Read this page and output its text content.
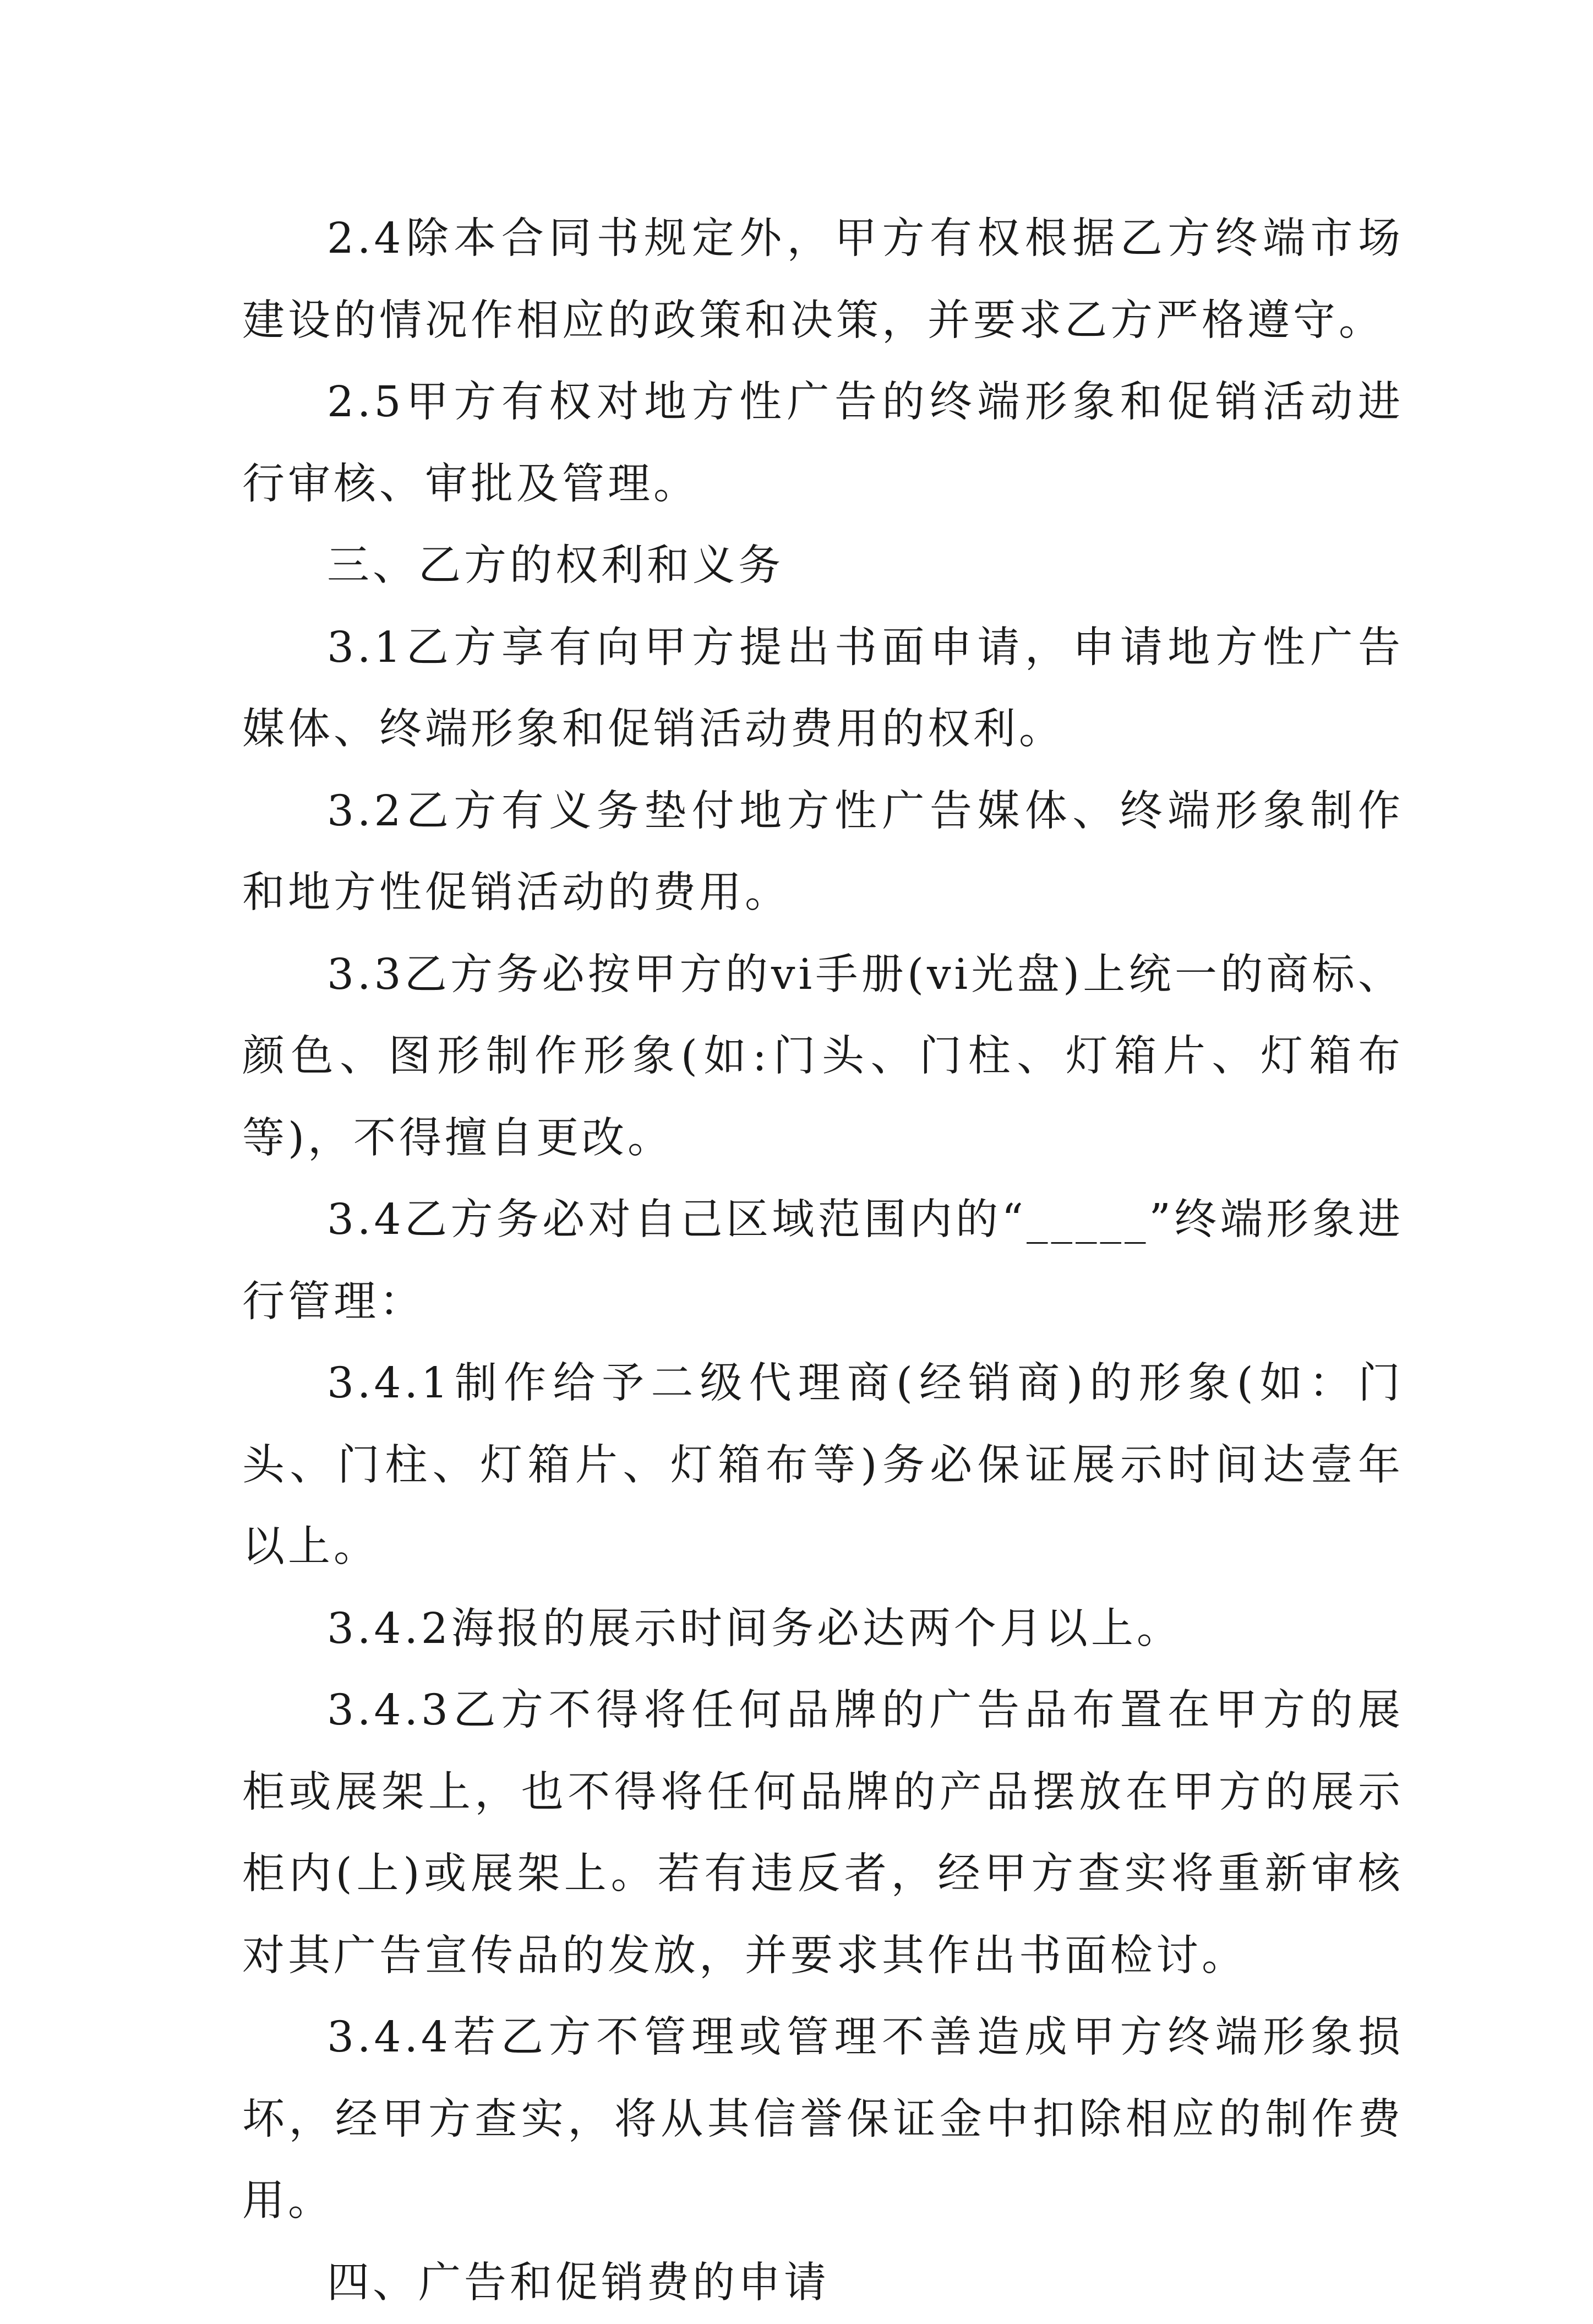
2.4除本合同书规定外，甲方有权根据乙方终端市场建设的情况作相应的政策和决策，并要求乙方严格遵守。

2.5甲方有权对地方性广告的终端形象和促销活动进行审核、审批及管理。

三、乙方的权利和义务

3.1乙方享有向甲方提出书面申请，申请地方性广告媒体、终端形象和促销活动费用的权利。

3.2乙方有义务垫付地方性广告媒体、终端形象制作和地方性促销活动的费用。

3.3乙方务必按甲方的vi手册(vi光盘)上统一的商标、颜色、图形制作形象(如:门头、门柱、灯箱片、灯箱布等)，不得擅自更改。

3.4乙方务必对自己区域范围内的“_____”终端形象进行管理：

3.4.1制作给予二级代理商(经销商)的形象(如：门头、门柱、灯箱片、灯箱布等)务必保证展示时间达壹年以上。

3.4.2海报的展示时间务必达两个月以上。

3.4.3乙方不得将任何品牌的广告品布置在甲方的展柜或展架上，也不得将任何品牌的产品摆放在甲方的展示柜内(上)或展架上。若有违反者，经甲方查实将重新审核对其广告宣传品的发放，并要求其作出书面检讨。

3.4.4若乙方不管理或管理不善造成甲方终端形象损坏，经甲方查实，将从其信誉保证金中扣除相应的制作费用。

四、广告和促销费的申请
